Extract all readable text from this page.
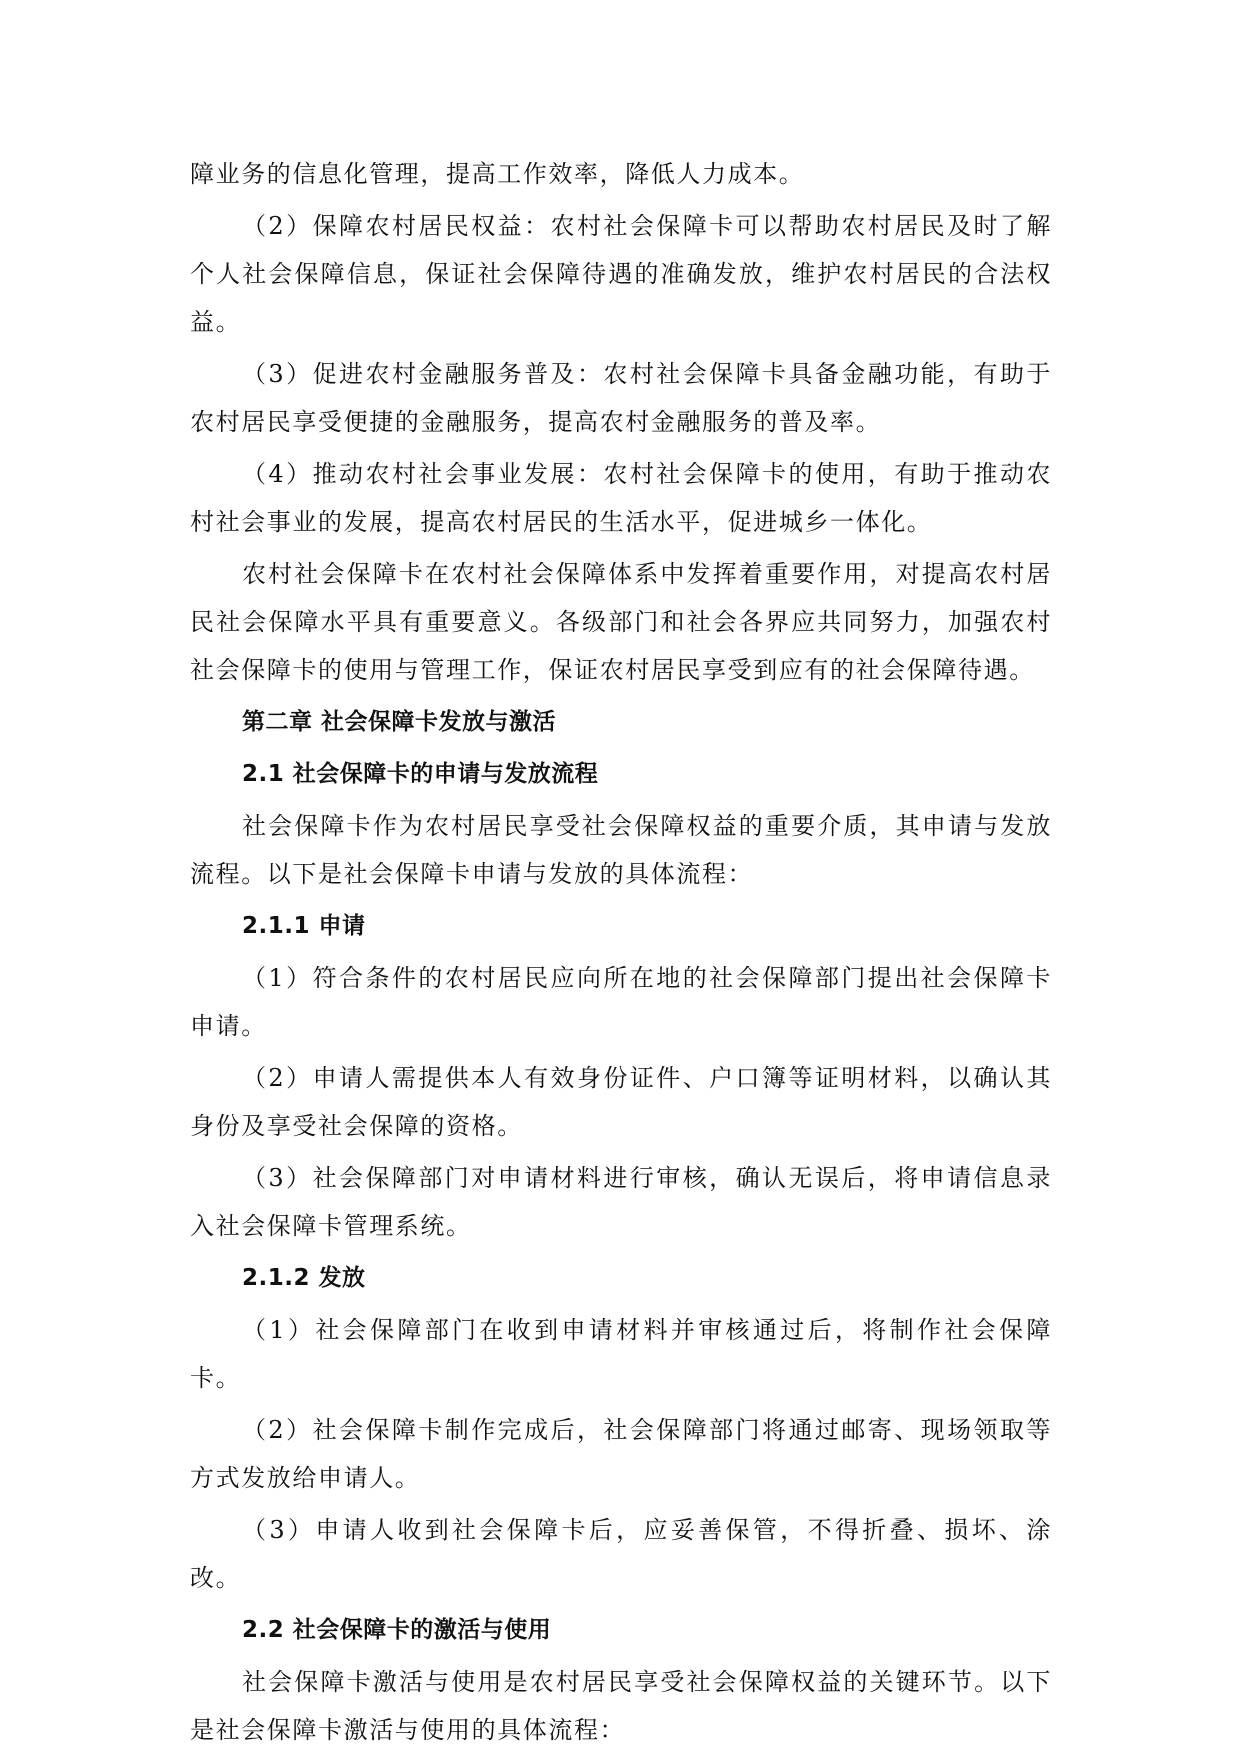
障业务的信息化管理，提高工作效率，降低人力成本。

（2）保障农村居民权益：农村社会保障卡可以帮助农村居民及时了解个人社会保障信息，保证社会保障待遇的准确发放，维护农村居民的合法权益。

（3）促进农村金融服务普及：农村社会保障卡具备金融功能，有助于农村居民享受便捷的金融服务，提高农村金融服务的普及率。

（4）推动农村社会事业发展：农村社会保障卡的使用，有助于推动农村社会事业的发展，提高农村居民的生活水平，促进城乡一体化。

农村社会保障卡在农村社会保障体系中发挥着重要作用，对提高农村居民社会保障水平具有重要意义。各级部门和社会各界应共同努力，加强农村社会保障卡的使用与管理工作，保证农村居民享受到应有的社会保障待遇。

第二章 社会保障卡发放与激活
2.1 社会保障卡的申请与发放流程

社会保障卡作为农村居民享受社会保障权益的重要介质，其申请与发放流程。以下是社会保障卡申请与发放的具体流程：

2.1.1 申请

（1）符合条件的农村居民应向所在地的社会保障部门提出社会保障卡申请。

（2）申请人需提供本人有效身份证件、户口簿等证明材料，以确认其身份及享受社会保障的资格。

（3）社会保障部门对申请材料进行审核，确认无误后，将申请信息录入社会保障卡管理系统。

2.1.2 发放

（1）社会保障部门在收到申请材料并审核通过后，将制作社会保障卡。

（2）社会保障卡制作完成后，社会保障部门将通过邮寄、现场领取等方式发放给申请人。

（3）申请人收到社会保障卡后，应妥善保管，不得折叠、损坏、涂改。

2.2 社会保障卡的激活与使用

社会保障卡激活与使用是农村居民享受社会保障权益的关键环节。以下是社会保障卡激活与使用的具体流程：
